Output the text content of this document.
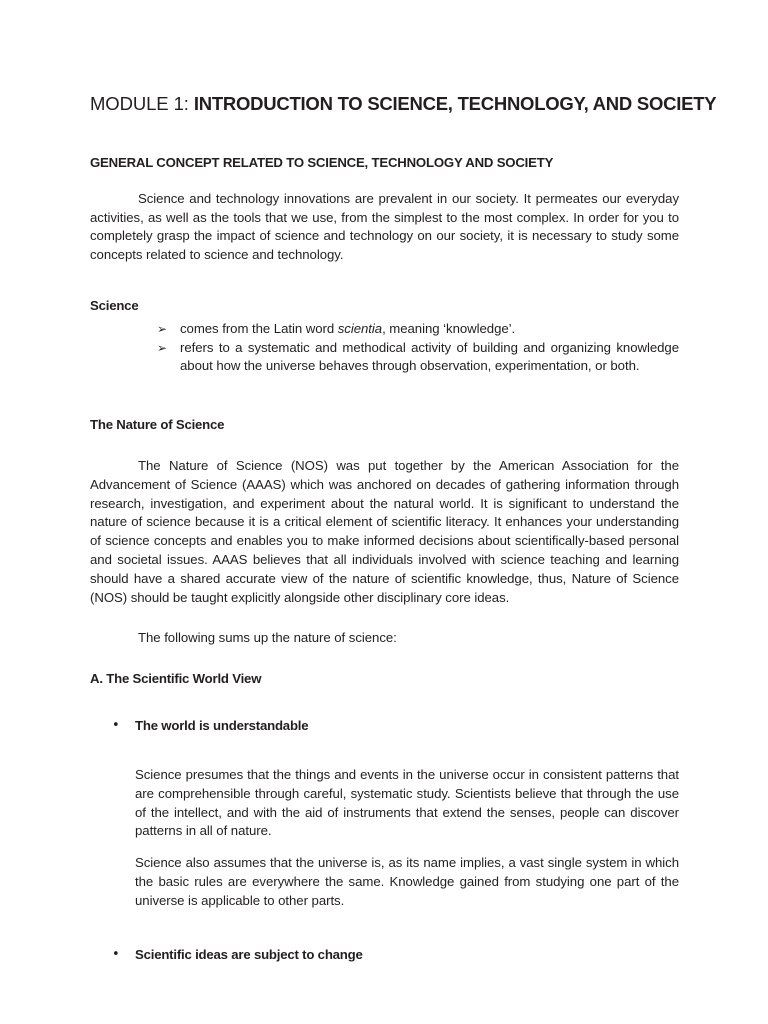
MODULE 1: INTRODUCTION TO SCIENCE, TECHNOLOGY, AND SOCIETY
GENERAL CONCEPT RELATED TO SCIENCE, TECHNOLOGY AND SOCIETY

Science and technology innovations are prevalent in our society. It permeates our everyday activities, as well as the tools that we use, from the simplest to the most complex. In order for you to completely grasp the impact of science and technology on our society, it is necessary to study some concepts related to science and technology.

Science
➢ comes from the Latin word scientia, meaning ‘knowledge’.
➢ refers to a systematic and methodical activity of building and organizing knowledge about how the universe behaves through observation, experimentation, or both.
The Nature of Science

The Nature of Science (NOS) was put together by the American Association for the Advancement of Science (AAAS) which was anchored on decades of gathering information through research, investigation, and experiment about the natural world. It is significant to understand the nature of science because it is a critical element of scientific literacy. It enhances your understanding of science concepts and enables you to make informed decisions about scientifically-based personal and societal issues. AAAS believes that all individuals involved with science teaching and learning should have a shared accurate view of the nature of scientific knowledge, thus, Nature of Science (NOS) should be taught explicitly alongside other disciplinary core ideas.

The following sums up the nature of science:

A. The Scientific World View
• The world is understandable

Science presumes that the things and events in the universe occur in consistent patterns that are comprehensible through careful, systematic study. Scientists believe that through the use of the intellect, and with the aid of instruments that extend the senses, people can discover patterns in all of nature.

Science also assumes that the universe is, as its name implies, a vast single system in which the basic rules are everywhere the same. Knowledge gained from studying one part of the universe is applicable to other parts.

• Scientific ideas are subject to change
